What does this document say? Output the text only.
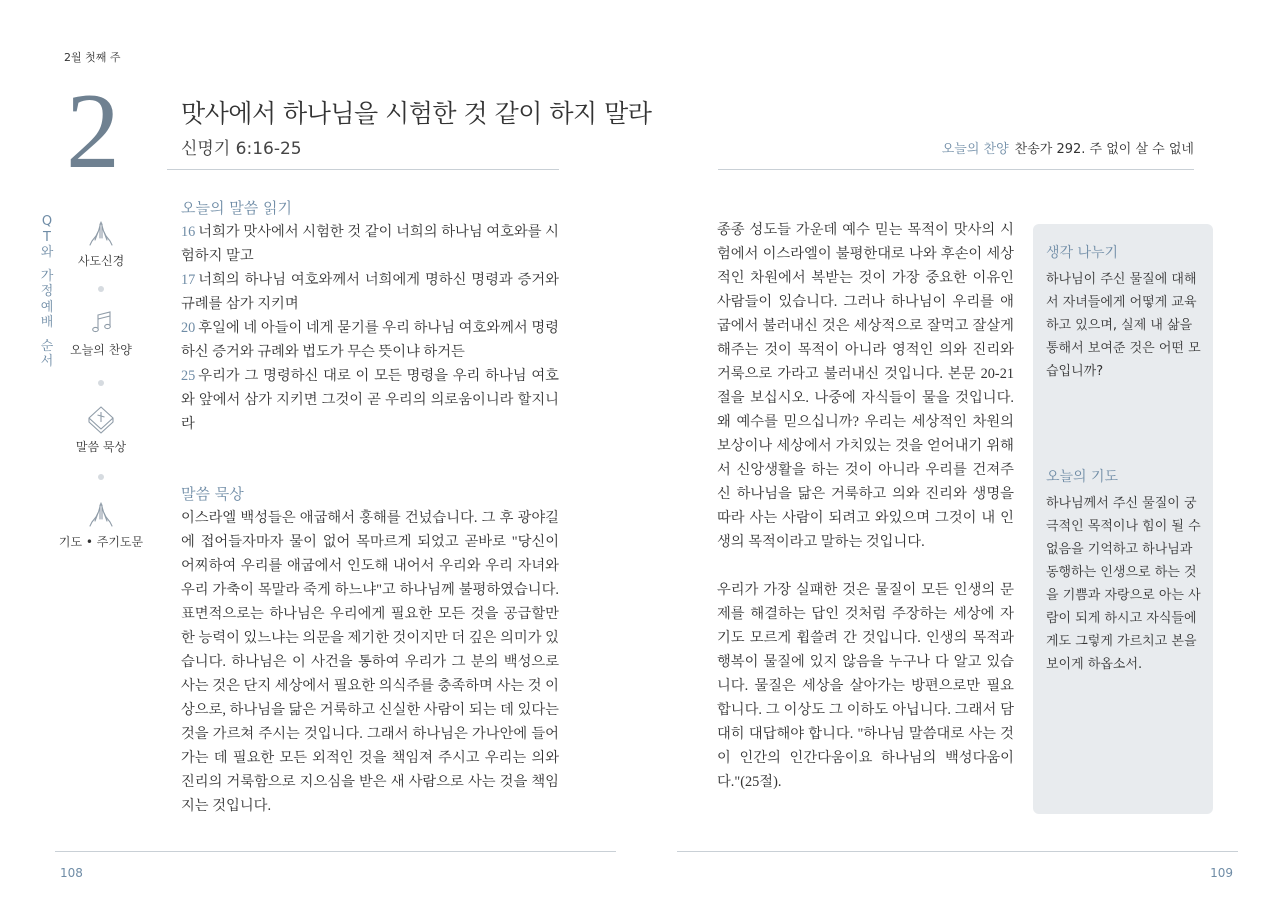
2월 첫째 주
2 맛사에서 하나님을 시험한 것 같이 하지 말라
신명기 6:16-25	오늘의 찬양 찬송가 292. 주 없이 살 수 없네
Q
T
와
가
정
예
배
순
서
사도신경
오늘의 찬양
말씀 묵상
기도 • 주기도문
오늘의 말씀 읽기

16 너희가 맛사에서 시험한 것 같이 너희의 하나님 여호와를 시험하지 말고

17 너희의 하나님 여호와께서 너희에게 명하신 명령과 증거와 규례를 삼가 지키며

20 후일에 네 아들이 네게 묻기를 우리 하나님 여호와께서 명령하신 증거와 규례와 법도가 무슨 뜻이냐 하거든

25 우리가 그 명령하신 대로 이 모든 명령을 우리 하나님 여호와 앞에서 삼가 지키면 그것이 곧 우리의 의로움이니라 할지니라

말씀 묵상
이스라엘 백성들은 애굽해서 홍해를 건넜습니다. 그 후 광야길에 접어들자마자 물이 없어 목마르게 되었고 곧바로 "당신이 어찌하여 우리를 애굽에서 인도해 내어서 우리와 우리 자녀와 우리 가축이 목말라 죽게 하느냐"고 하나님께 불평하였습니다. 표면적으로는 하나님은 우리에게 필요한 모든 것을 공급할만한 능력이 있느냐는 의문을 제기한 것이지만 더 깊은 의미가 있습니다. 하나님은 이 사건을 통하여 우리가 그 분의 백성으로 사는 것은 단지 세상에서 필요한 의식주를 충족하며 사는 것 이상으로, 하나님을 닮은 거룩하고 신실한 사람이 되는 데 있다는 것을 가르쳐 주시는 것입니다. 그래서 하나님은 가나안에 들어가는 데 필요한 모든 외적인 것을 책임져 주시고 우리는 의와 진리의 거룩함으로 지으심을 받은 새 사람으로 사는 것을 책임지는 것입니다.
종종 성도들 가운데 예수 믿는 목적이 맛사의 시험에서 이스라엘이 불평한대로 나와 후손이 세상적인 차원에서 복받는 것이 가장 중요한 이유인 사람들이 있습니다. 그러나 하나님이 우리를 애굽에서 불러내신 것은 세상적으로 잘먹고 잘살게 해주는 것이 목적이 아니라 영적인 의와 진리와 거룩으로 가라고 불러내신 것입니다. 본문 20-21절을 보십시오. 나중에 자식들이 물을 것입니다. 왜 예수를 믿으십니까? 우리는 세상적인 차원의 보상이나 세상에서 가치있는 것을 얻어내기 위해서 신앙생활을 하는 것이 아니라 우리를 건져주신 하나님을 닮은 거룩하고 의와 진리와 생명을 따라 사는 사람이 되려고 와있으며 그것이 내 인생의 목적이라고 말하는 것입니다.
우리가 가장 실패한 것은 물질이 모든 인생의 문제를 해결하는 답인 것처럼 주장하는 세상에 자기도 모르게 휩쓸려 간 것입니다. 인생의 목적과 행복이 물질에 있지 않음을 누구나 다 알고 있습니다. 물질은 세상을 살아가는 방편으로만 필요합니다. 그 이상도 그 이하도 아닙니다. 그래서 담대히 대답해야 합니다. "하나님 말씀대로 사는 것이 인간의 인간다움이요 하나님의 백성다움이다."(25절).
생각 나누기
하나님이 주신 물질에 대해서 자녀들에게 어떻게 교육하고 있으며, 실제 내 삶을 통해서 보여준 것은 어떤 모습입니까?
오늘의 기도
하나님께서 주신 물질이 궁극적인 목적이나 힘이 될 수 없음을 기억하고 하나님과 동행하는 인생으로 하는 것을 기쁨과 자랑으로 아는 사람이 되게 하시고 자식들에게도 그렇게 가르치고 본을 보이게 하옵소서.
108	109
